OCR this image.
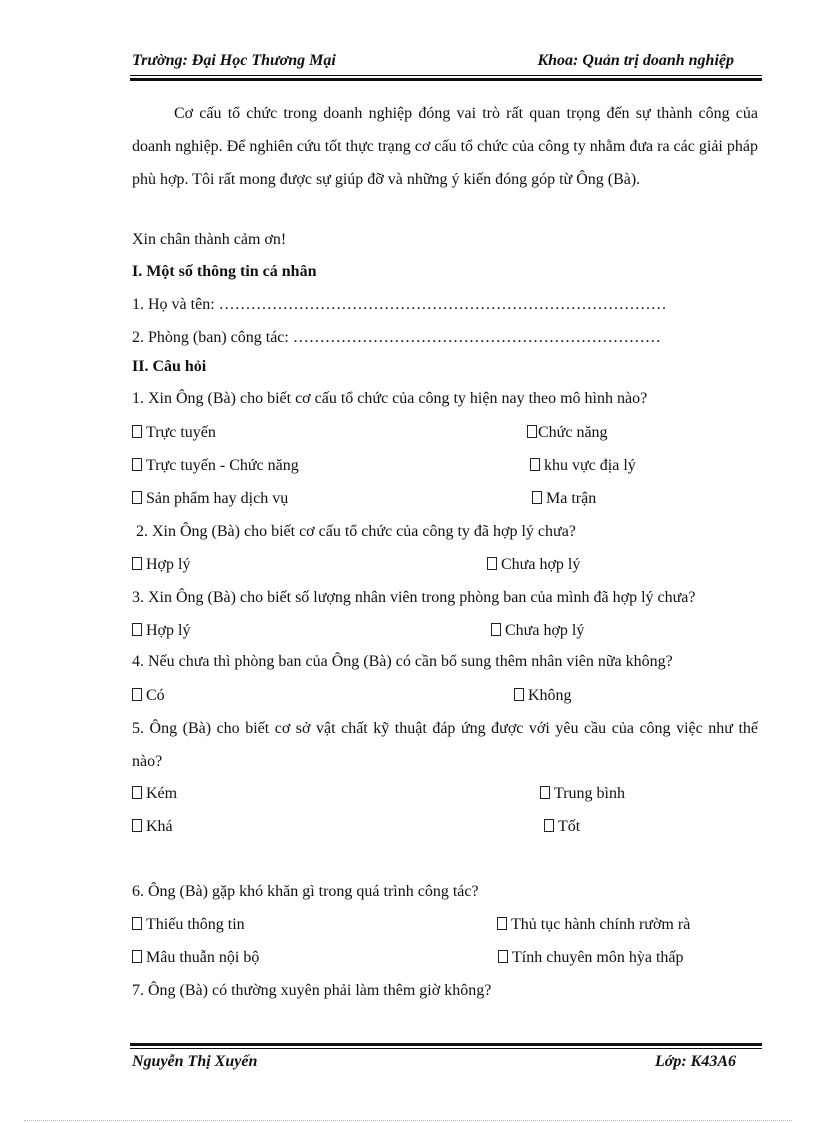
Trường: Đại Học Thương Mại	Khoa: Quản trị doanh nghiệp

Cơ cấu tổ chức trong doanh nghiệp đóng vai trò rất quan trọng đến sự thành công của doanh nghiệp. Để nghiên cứu tốt thực trạng cơ cấu tổ chức của công ty nhằm đưa ra các giải pháp phù hợp. Tôi rất mong được sự giúp đỡ và những ý kiến đóng góp từ Ông (Bà).

Xin chân thành cảm ơn!
I. Một số thông tin cá nhân
1. Họ và tên: …………………………………………………………………………
2. Phòng (ban) công tác: ……………………………………………………………
II. Câu hỏi
1. Xin Ông (Bà) cho biết cơ cấu tổ chức của công ty hiện nay theo mô hình nào?
Trực tuyến	Chức năng
Trực tuyến - Chức năng	khu vực địa lý
Sản phẩm hay dịch vụ	Ma trận
2. Xin Ông (Bà) cho biết cơ cấu tổ chức của công ty đã hợp lý chưa?
Hợp lý	Chưa hợp lý
3. Xin Ông (Bà) cho biết số lượng nhân viên trong phòng ban của mình đã hợp lý chưa?
Hợp lý	Chưa hợp lý
4. Nếu chưa thì phòng ban của Ông (Bà) có cần bổ sung thêm nhân viên nữa không?
Có	Không

5. Ông (Bà) cho biết cơ sở vật chất kỹ thuật đáp ứng được với yêu cầu của công việc như thế nào?

Kém	Trung bình
Khá	Tốt
6. Ông (Bà) gặp khó khăn gì trong quá trình công tác?
Thiếu thông tin	Thủ tục hành chính rườm rà
Mâu thuẫn nội bộ	Tính chuyên môn hỳa thấp
7. Ông (Bà) có thường xuyên phải làm thêm giờ không?
Nguyễn Thị Xuyến	Lớp: K43A6
